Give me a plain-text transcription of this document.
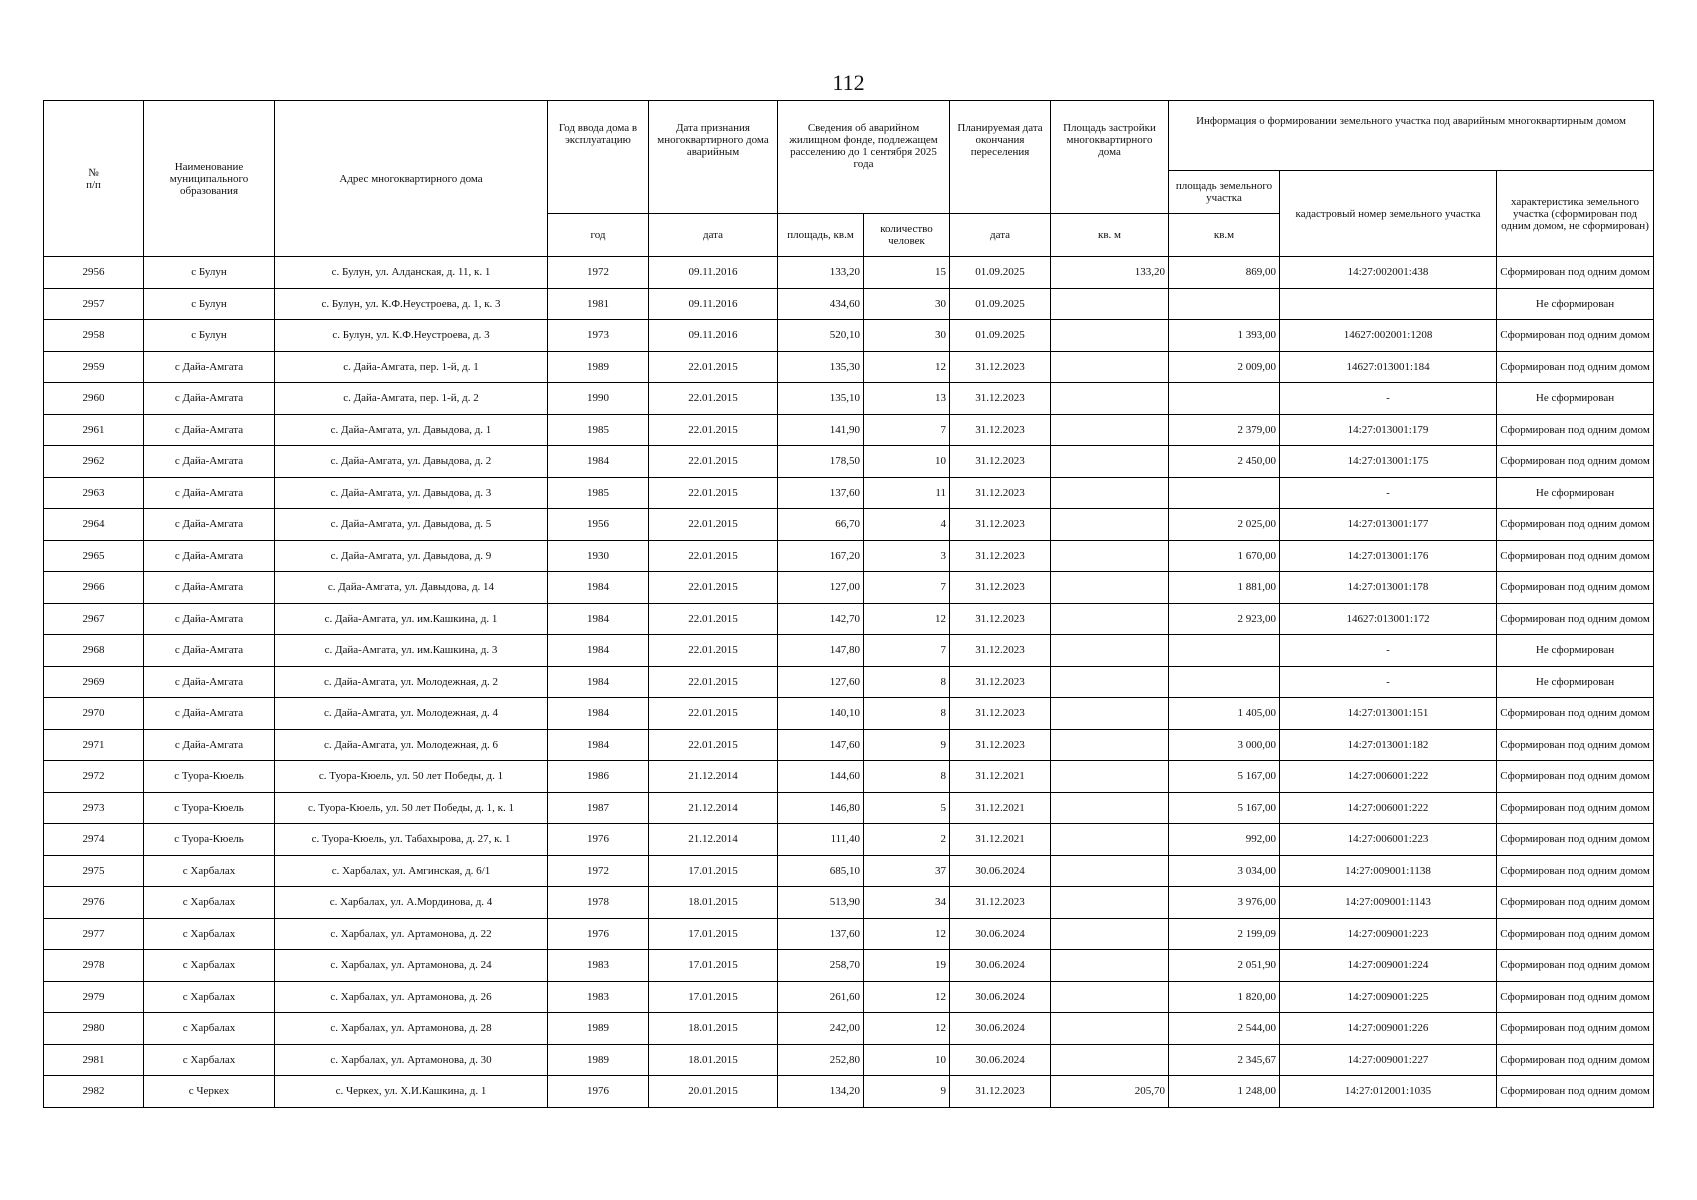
112
№
п/п	Наименование муниципального образования	Адрес многоквартирного дома	Год ввода дома в эксплуатацию	Дата признания многоквартирного дома аварийным	Сведения об аварийном жилищном фонде, подлежащем расселению до 1 сентября 2025 года		Планируемая дата окончания переселения	Площадь застройки многоквартирного дома	Информация о формировании земельного участка под аварийным многоквартирным домом		
									площадь земельного участка	кадастровый номер земельного участка	характеристика земельного участка (сформирован под одним домом, не сформирован)
			год	дата	площадь, кв.м	количество человек	дата	кв. м	кв.м		
2956	с Булун	с. Булун, ул. Алданская, д. 11, к. 1	1972	09.11.2016	133,20	15	01.09.2025	133,20	869,00	14:27:002001:438	Сформирован под одним домом
2957	с Булун	с. Булун, ул. К.Ф.Неустроева, д. 1, к. 3	1981	09.11.2016	434,60	30	01.09.2025				Не сформирован
2958	с Булун	с. Булун, ул. К.Ф.Неустроева, д. 3	1973	09.11.2016	520,10	30	01.09.2025		1 393,00	14627:002001:1208	Сформирован под одним домом
2959	с Дайа-Амгата	с. Дайа-Амгата, пер. 1-й, д. 1	1989	22.01.2015	135,30	12	31.12.2023		2 009,00	14627:013001:184	Сформирован под одним домом
2960	с Дайа-Амгата	с. Дайа-Амгата, пер. 1-й, д. 2	1990	22.01.2015	135,10	13	31.12.2023			-	Не сформирован
2961	с Дайа-Амгата	с. Дайа-Амгата, ул. Давыдова, д. 1	1985	22.01.2015	141,90	7	31.12.2023		2 379,00	14:27:013001:179	Сформирован под одним домом
2962	с Дайа-Амгата	с. Дайа-Амгата, ул. Давыдова, д. 2	1984	22.01.2015	178,50	10	31.12.2023		2 450,00	14:27:013001:175	Сформирован под одним домом
2963	с Дайа-Амгата	с. Дайа-Амгата, ул. Давыдова, д. 3	1985	22.01.2015	137,60	11	31.12.2023			-	Не сформирован
2964	с Дайа-Амгата	с. Дайа-Амгата, ул. Давыдова, д. 5	1956	22.01.2015	66,70	4	31.12.2023		2 025,00	14:27:013001:177	Сформирован под одним домом
2965	с Дайа-Амгата	с. Дайа-Амгата, ул. Давыдова, д. 9	1930	22.01.2015	167,20	3	31.12.2023		1 670,00	14:27:013001:176	Сформирован под одним домом
2966	с Дайа-Амгата	с. Дайа-Амгата, ул. Давыдова, д. 14	1984	22.01.2015	127,00	7	31.12.2023		1 881,00	14:27:013001:178	Сформирован под одним домом
2967	с Дайа-Амгата	с. Дайа-Амгата, ул. им.Кашкина, д. 1	1984	22.01.2015	142,70	12	31.12.2023		2 923,00	14627:013001:172	Сформирован под одним домом
2968	с Дайа-Амгата	с. Дайа-Амгата, ул. им.Кашкина, д. 3	1984	22.01.2015	147,80	7	31.12.2023			-	Не сформирован
2969	с Дайа-Амгата	с. Дайа-Амгата, ул. Молодежная, д. 2	1984	22.01.2015	127,60	8	31.12.2023			-	Не сформирован
2970	с Дайа-Амгата	с. Дайа-Амгата, ул. Молодежная, д. 4	1984	22.01.2015	140,10	8	31.12.2023		1 405,00	14:27:013001:151	Сформирован под одним домом
2971	с Дайа-Амгата	с. Дайа-Амгата, ул. Молодежная, д. 6	1984	22.01.2015	147,60	9	31.12.2023		3 000,00	14:27:013001:182	Сформирован под одним домом
2972	с Туора-Кюель	с. Туора-Кюель, ул. 50 лет Победы, д. 1	1986	21.12.2014	144,60	8	31.12.2021		5 167,00	14:27:006001:222	Сформирован под одним домом
2973	с Туора-Кюель	с. Туора-Кюель, ул. 50 лет Победы, д. 1, к. 1	1987	21.12.2014	146,80	5	31.12.2021		5 167,00	14:27:006001:222	Сформирован под одним домом
2974	с Туора-Кюель	с. Туора-Кюель, ул. Табахырова, д. 27, к. 1	1976	21.12.2014	111,40	2	31.12.2021		992,00	14:27:006001:223	Сформирован под одним домом
2975	с Харбалах	с. Харбалах, ул. Амгинская, д. 6/1	1972	17.01.2015	685,10	37	30.06.2024		3 034,00	14:27:009001:1138	Сформирован под одним домом
2976	с Харбалах	с. Харбалах, ул. А.Мординова, д. 4	1978	18.01.2015	513,90	34	31.12.2023		3 976,00	14:27:009001:1143	Сформирован под одним домом
2977	с Харбалах	с. Харбалах, ул. Артамонова, д. 22	1976	17.01.2015	137,60	12	30.06.2024		2 199,09	14:27:009001:223	Сформирован под одним домом
2978	с Харбалах	с. Харбалах, ул. Артамонова, д. 24	1983	17.01.2015	258,70	19	30.06.2024		2 051,90	14:27:009001:224	Сформирован под одним домом
2979	с Харбалах	с. Харбалах, ул. Артамонова, д. 26	1983	17.01.2015	261,60	12	30.06.2024		1 820,00	14:27:009001:225	Сформирован под одним домом
2980	с Харбалах	с. Харбалах, ул. Артамонова, д. 28	1989	18.01.2015	242,00	12	30.06.2024		2 544,00	14:27:009001:226	Сформирован под одним домом
2981	с Харбалах	с. Харбалах, ул. Артамонова, д. 30	1989	18.01.2015	252,80	10	30.06.2024		2 345,67	14:27:009001:227	Сформирован под одним домом
2982	с Черкех	с. Черкех, ул. Х.И.Кашкина, д. 1	1976	20.01.2015	134,20	9	31.12.2023	205,70	1 248,00	14:27:012001:1035	Сформирован под одним домом
